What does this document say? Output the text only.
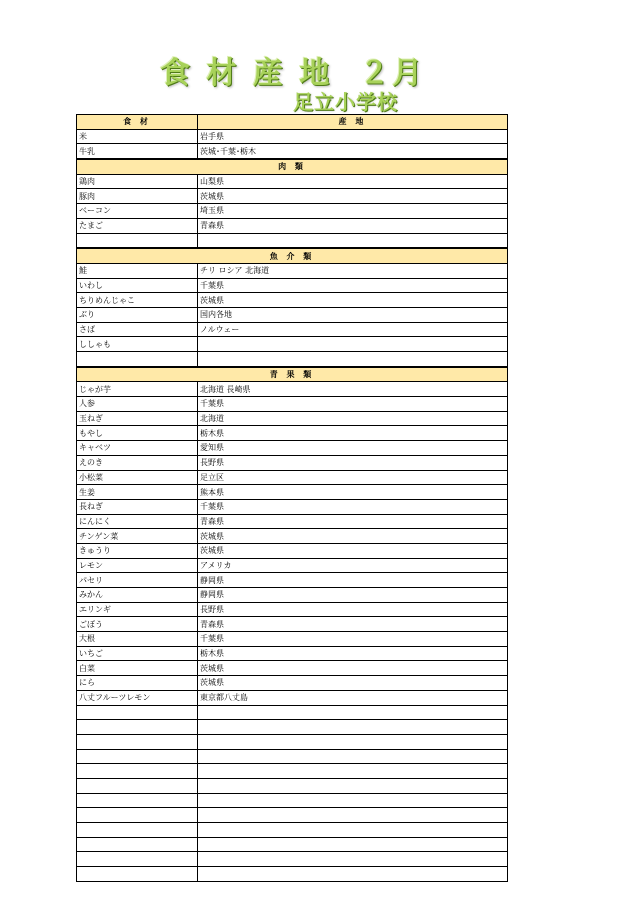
食 材 産 地  ２月
足立小学校
食 材	産 地
米	岩手県
牛乳	茨城･千葉･栃木
肉 類	
鶏肉	山梨県
豚肉	茨城県
ベーコン	埼玉県
たまご	青森県

魚 介 類	
鮭	チリ ロシア 北海道
いわし	千葉県
ちりめんじゃこ	茨城県
ぶり	国内各地
さば	ノルウェー
ししゃも	

青 果 類	
じゃが芋	北海道 長崎県
人参	千葉県
玉ねぎ	北海道
もやし	栃木県
キャベツ	愛知県
えのき	長野県
小松菜	足立区
生姜	熊本県
長ねぎ	千葉県
にんにく	青森県
チンゲン菜	茨城県
きゅうり	茨城県
レモン	アメリカ
パセリ	静岡県
みかん	静岡県
エリンギ	長野県
ごぼう	青森県
大根	千葉県
いちご	栃木県
白菜	茨城県
にら	茨城県
八丈フルーツレモン	東京都八丈島
